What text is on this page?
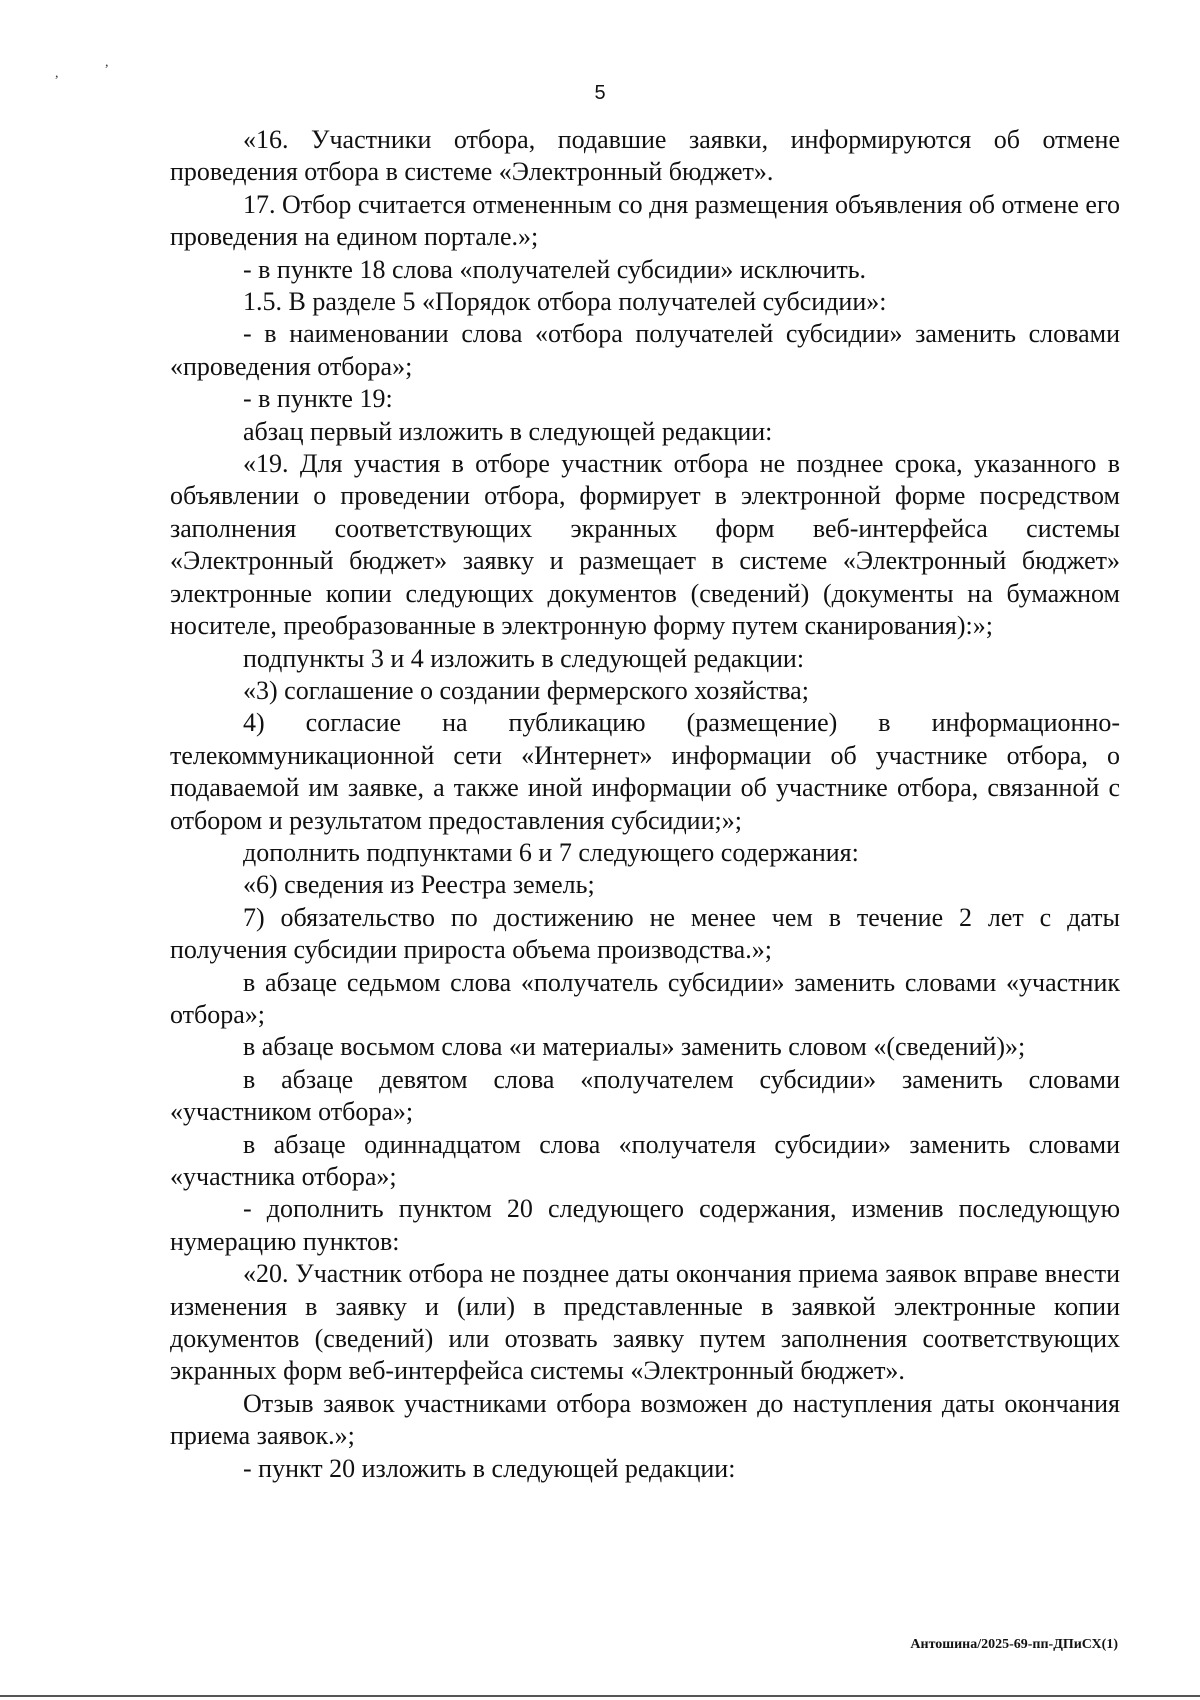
,
,
5

«16. Участники отбора, подавшие заявки, информируются об отмене проведения отбора в системе «Электронный бюджет».

17. Отбор считается отмененным со дня размещения объявления об отмене его проведения на едином портале.»;

- в пункте 18 слова «получателей субсидии» исключить.

1.5. В разделе 5 «Порядок отбора получателей субсидии»:

- в наименовании слова «отбора получателей субсидии» заменить словами «проведения отбора»;

- в пункте 19:

абзац первый изложить в следующей редакции:

«19. Для участия в отборе участник отбора не позднее срока, указанного в объявлении о проведении отбора, формирует в электронной форме посредством заполнения соответствующих экранных форм веб-интерфейса системы «Электронный бюджет» заявку и размещает в системе «Электронный бюджет» электронные копии следующих документов (сведений) (документы на бумажном носителе, преобразованные в электронную форму путем сканирования):»;

подпункты 3 и 4 изложить в следующей редакции:

«3) соглашение о создании фермерского хозяйства;

4) согласие на публикацию (размещение) в информационно-телекоммуникационной сети «Интернет» информации об участнике отбора, о подаваемой им заявке, а также иной информации об участнике отбора, связанной с отбором и результатом предоставления субсидии;»;

дополнить подпунктами 6 и 7 следующего содержания:

«6) сведения из Реестра земель;

7) обязательство по достижению не менее чем в течение 2 лет с даты получения субсидии прироста объема производства.»;

в абзаце седьмом слова «получатель субсидии» заменить словами «участник отбора»;

в абзаце восьмом слова «и материалы» заменить словом «(сведений)»;

в абзаце девятом слова «получателем субсидии» заменить словами «участником отбора»;

в абзаце одиннадцатом слова «получателя субсидии» заменить словами «участника отбора»;

- дополнить пунктом 20 следующего содержания, изменив последующую нумерацию пунктов:

«20. Участник отбора не позднее даты окончания приема заявок вправе внести изменения в заявку и (или) в представленные в заявкой электронные копии документов (сведений) или отозвать заявку путем заполнения соответствующих экранных форм веб-интерфейса системы «Электронный бюджет».

Отзыв заявок участниками отбора возможен до наступления даты окончания приема заявок.»;

- пункт 20 изложить в следующей редакции:

Антошина/2025-69-пп-ДПиСХ(1)
